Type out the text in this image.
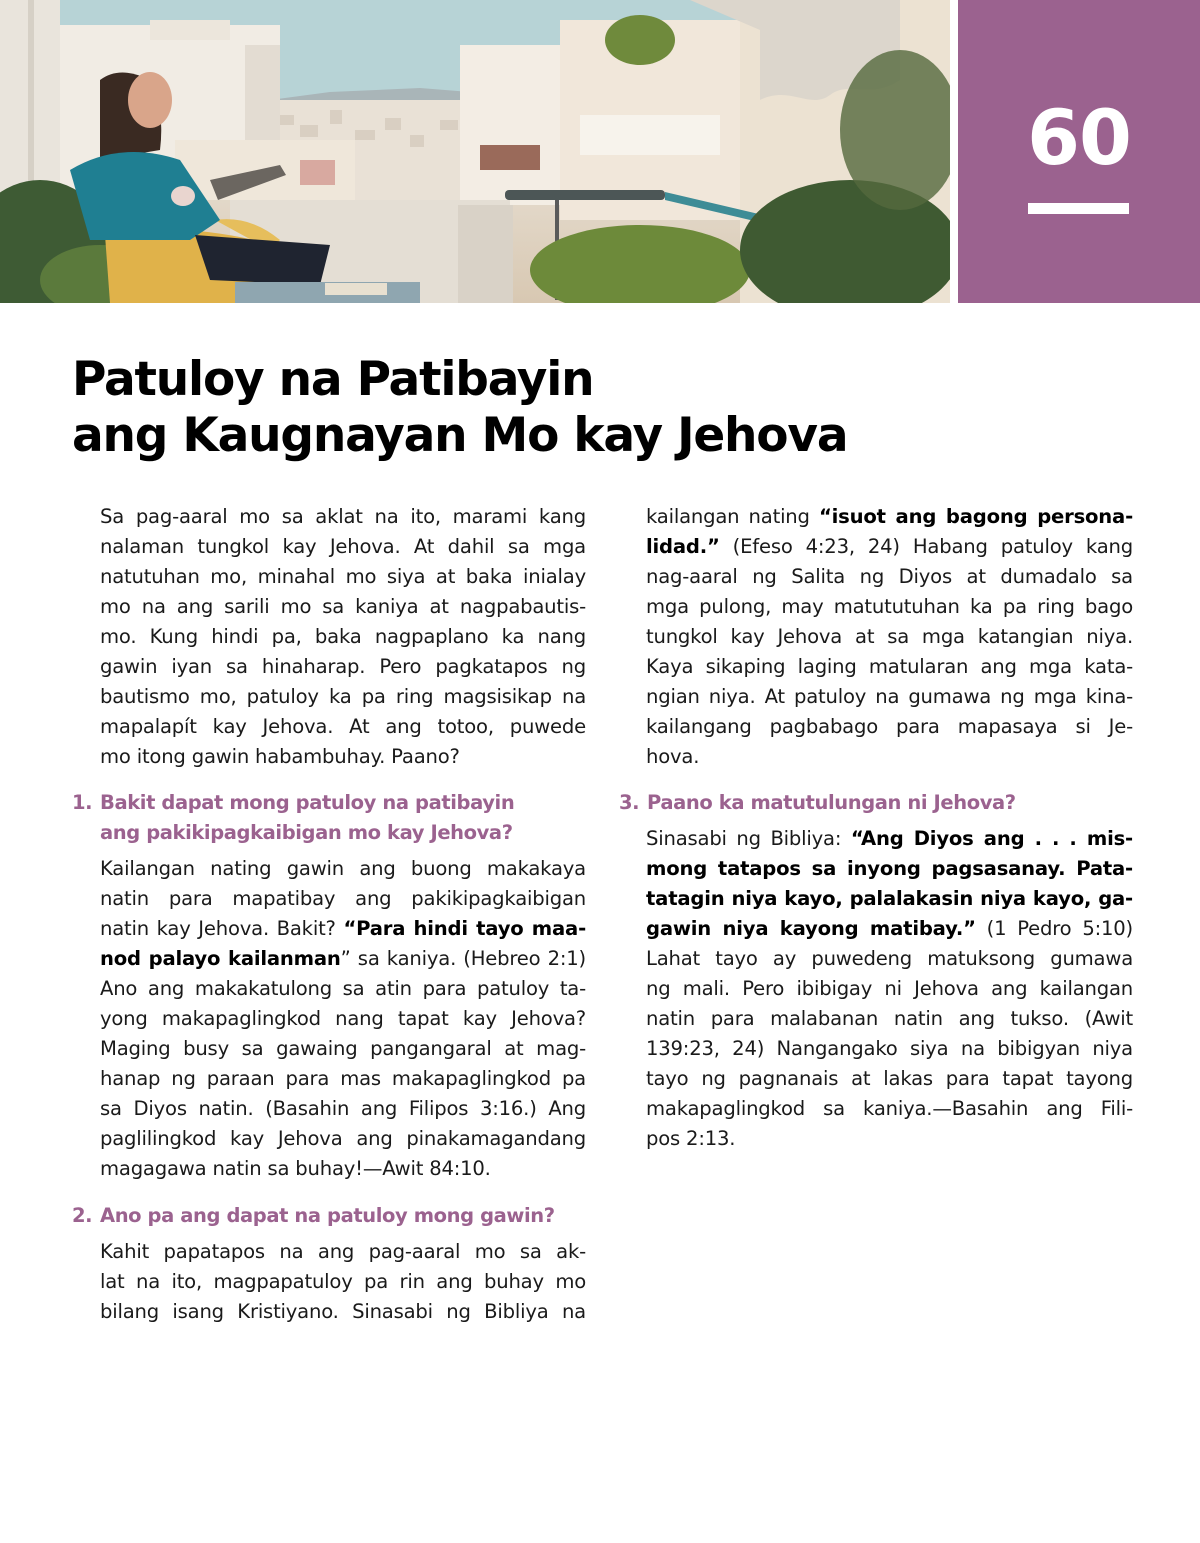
60
Patuloy na Patibayin
ang Kaugnayan Mo kay Jehova
Sa pag-aaral mo sa aklat na ito, marami kang
nalaman tungkol kay Jehova. At dahil sa mga
natutuhan mo, minahal mo siya at baka inialay
mo na ang sarili mo sa kaniya at nagpabautis-
mo. Kung hindi pa, baka nagpaplano ka nang
gawin iyan sa hinaharap. Pero pagkatapos ng
bautismo mo, patuloy ka pa ring magsisikap na
mapalapít kay Jehova. At ang totoo, puwede
mo itong gawin habambuhay. Paano?
1. Bakit dapat mong patuloy na patibayin
ang pakikipagkaibigan mo kay Jehova?
Kailangan nating gawin ang buong makakaya
natin para mapatibay ang pakikipagkaibigan
natin kay Jehova. Bakit? “Para hindi tayo maa-
nod palayo kailanman” sa kaniya. (Hebreo 2:1)
Ano ang makakatulong sa atin para patuloy ta-
yong makapaglingkod nang tapat kay Jehova?
Maging busy sa gawaing pangangaral at mag-
hanap ng paraan para mas makapaglingkod pa
sa Diyos natin. (Basahin ang Filipos 3:16.) Ang
paglilingkod kay Jehova ang pinakamagandang
magagawa natin sa buhay!—Awit 84:10.
2. Ano pa ang dapat na patuloy mong gawin?
Kahit papatapos na ang pag-aaral mo sa ak-
lat na ito, magpapatuloy pa rin ang buhay mo
bilang isang Kristiyano. Sinasabi ng Bibliya na
kailangan nating “isuot ang bagong persona-
lidad.” (Efeso 4:23, 24) Habang patuloy kang
nag-aaral ng Salita ng Diyos at dumadalo sa
mga pulong, may matututuhan ka pa ring bago
tungkol kay Jehova at sa mga katangian niya.
Kaya sikaping laging matularan ang mga kata-
ngian niya. At patuloy na gumawa ng mga kina-
kailangang pagbabago para mapasaya si Je-
hova.
3. Paano ka matutulungan ni Jehova?
Sinasabi ng Bibliya: “Ang Diyos ang . . . mis-
mong tatapos sa inyong pagsasanay. Pata-
tatagin niya kayo, palalakasin niya kayo, ga-
gawin niya kayong matibay.” (1 Pedro 5:10)
Lahat tayo ay puwedeng matuksong gumawa
ng mali. Pero ibibigay ni Jehova ang kailangan
natin para malabanan natin ang tukso. (Awit
139:23, 24) Nangangako siya na bibigyan niya
tayo ng pagnanais at lakas para tapat tayong
makapaglingkod sa kaniya.—Basahin ang Fili-
pos 2:13.
